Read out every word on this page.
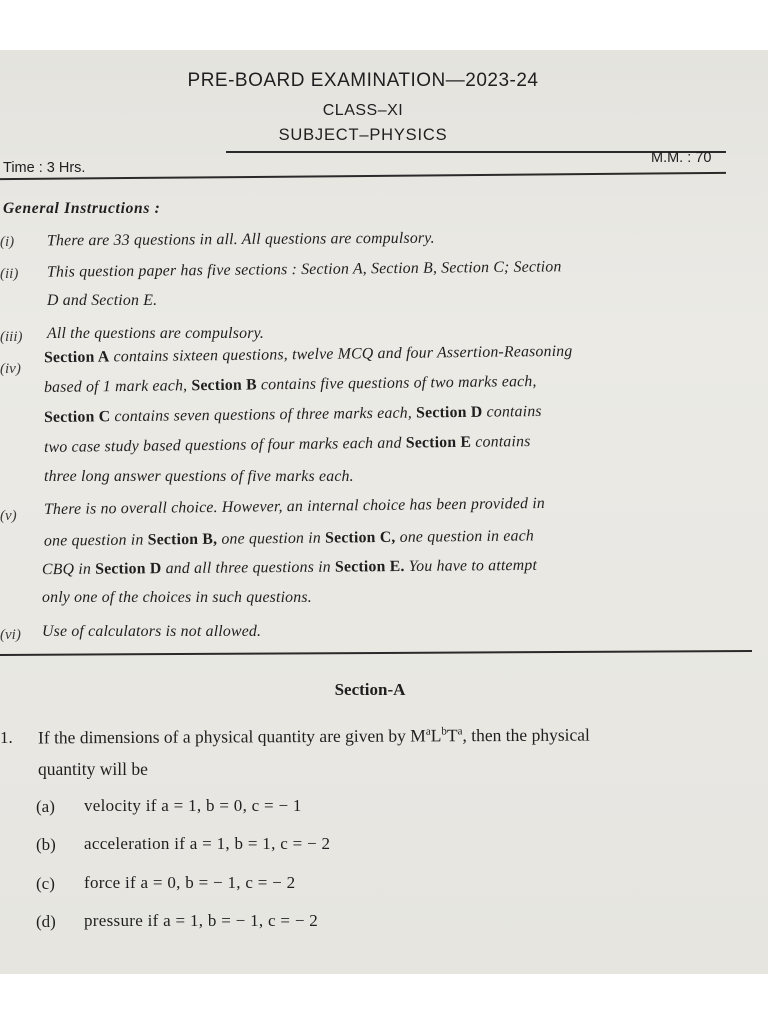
PRE-BOARD EXAMINATION—2023-24
CLASS–XI
SUBJECT–PHYSICS
M.M. : 70
Time : 3 Hrs.
General Instructions :
(i) There are 33 questions in all. All questions are compulsory.
(ii) This question paper has five sections : Section A, Section B, Section C; Section
D and Section E.
(iii) All the questions are compulsory.
(iv)
Section A contains sixteen questions, twelve MCQ and four Assertion-Reasoning
based of 1 mark each, Section B contains five questions of two marks each,
Section C contains seven questions of three marks each, Section D contains
two case study based questions of four marks each and Section E contains
three long answer questions of five marks each.
(v) There is no overall choice. However, an internal choice has been provided in
one question in Section B, one question in Section C, one question in each
CBQ in Section D and all three questions in Section E. You have to attempt
only one of the choices in such questions.
(vi) Use of calculators is not allowed.
Section-A
1. If the dimensions of a physical quantity are given by $M^aL^bT^a$, then the physical
quantity will be
(a) velocity if a = 1, b = 0, c = − 1
(b) acceleration if a = 1, b = 1, c = − 2
(c) force if a = 0, b = − 1, c = − 2
(d) pressure if a = 1, b = − 1, c = − 2
